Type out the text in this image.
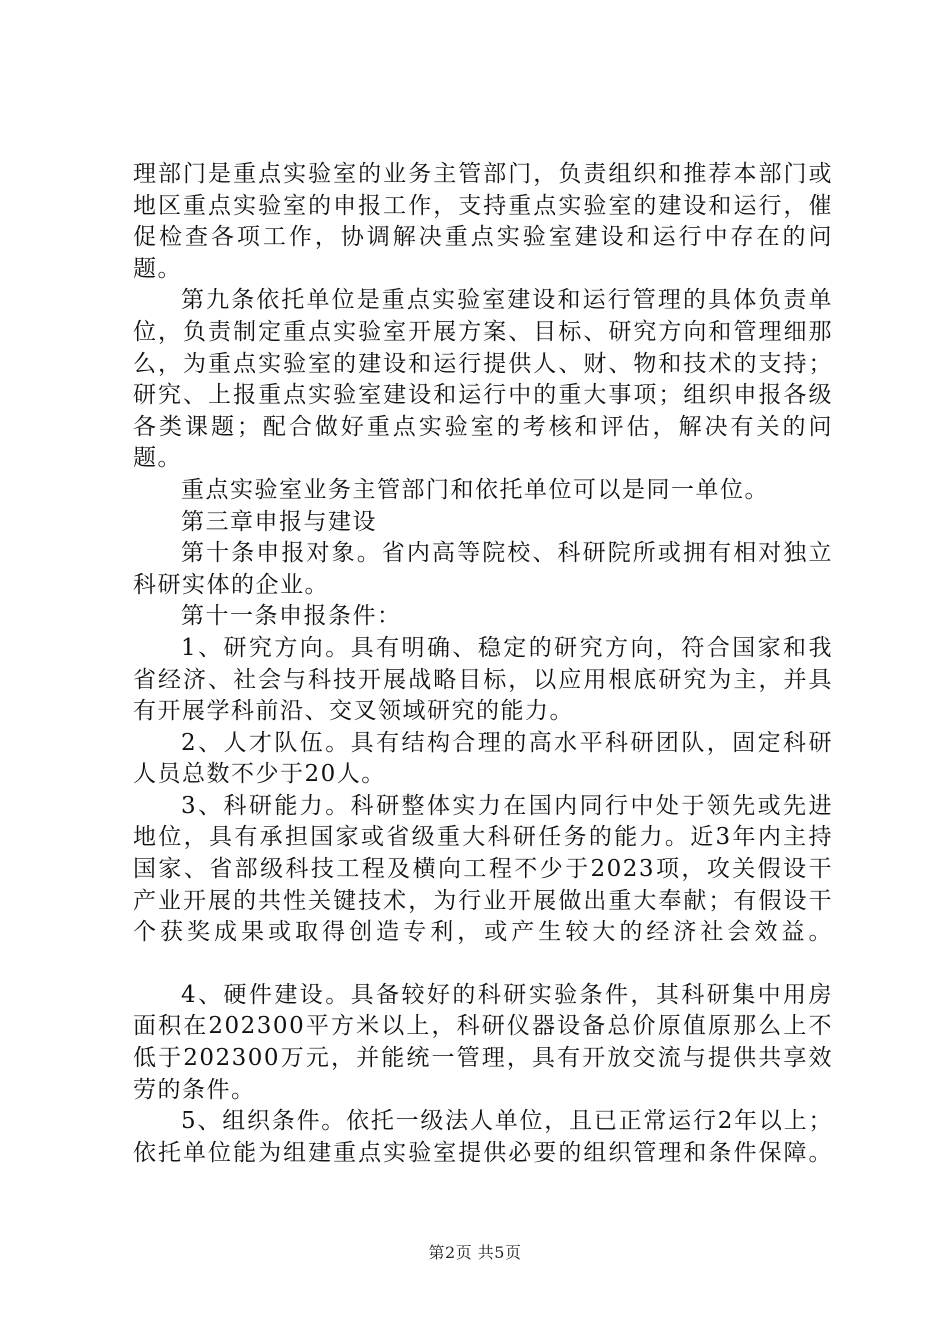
理部门是重点实验室的业务主管部门，负责组织和推荐本部门或地区重点实验室的申报工作，支持重点实验室的建设和运行，催促检查各项工作，协调解决重点实验室建设和运行中存在的问题。

第九条依托单位是重点实验室建设和运行管理的具体负责单位，负责制定重点实验室开展方案、目标、研究方向和管理细那么，为重点实验室的建设和运行提供人、财、物和技术的支持；研究、上报重点实验室建设和运行中的重大事项；组织申报各级各类课题；配合做好重点实验室的考核和评估，解决有关的问题。

重点实验室业务主管部门和依托单位可以是同一单位。

第三章申报与建设

第十条申报对象。省内高等院校、科研院所或拥有相对独立科研实体的企业。

第十一条申报条件：

1、研究方向。具有明确、稳定的研究方向，符合国家和我省经济、社会与科技开展战略目标，以应用根底研究为主，并具有开展学科前沿、交叉领域研究的能力。

2、人才队伍。具有结构合理的高水平科研团队，固定科研人员总数不少于20人。

3、科研能力。科研整体实力在国内同行中处于领先或先进地位，具有承担国家或省级重大科研任务的能力。近3年内主持国家、省部级科技工程及横向工程不少于2023项，攻关假设干产业开展的共性关键技术，为行业开展做出重大奉献；有假设干个获奖成果或取得创造专利，或产生较大的经济社会效益。

4、硬件建设。具备较好的科研实验条件，其科研集中用房面积在202300平方米以上，科研仪器设备总价原值原那么上不低于202300万元，并能统一管理，具有开放交流与提供共享效劳的条件。

5、组织条件。依托一级法人单位，且已正常运行2年以上；依托单位能为组建重点实验室提供必要的组织管理和条件保障。

第2页 共5页
